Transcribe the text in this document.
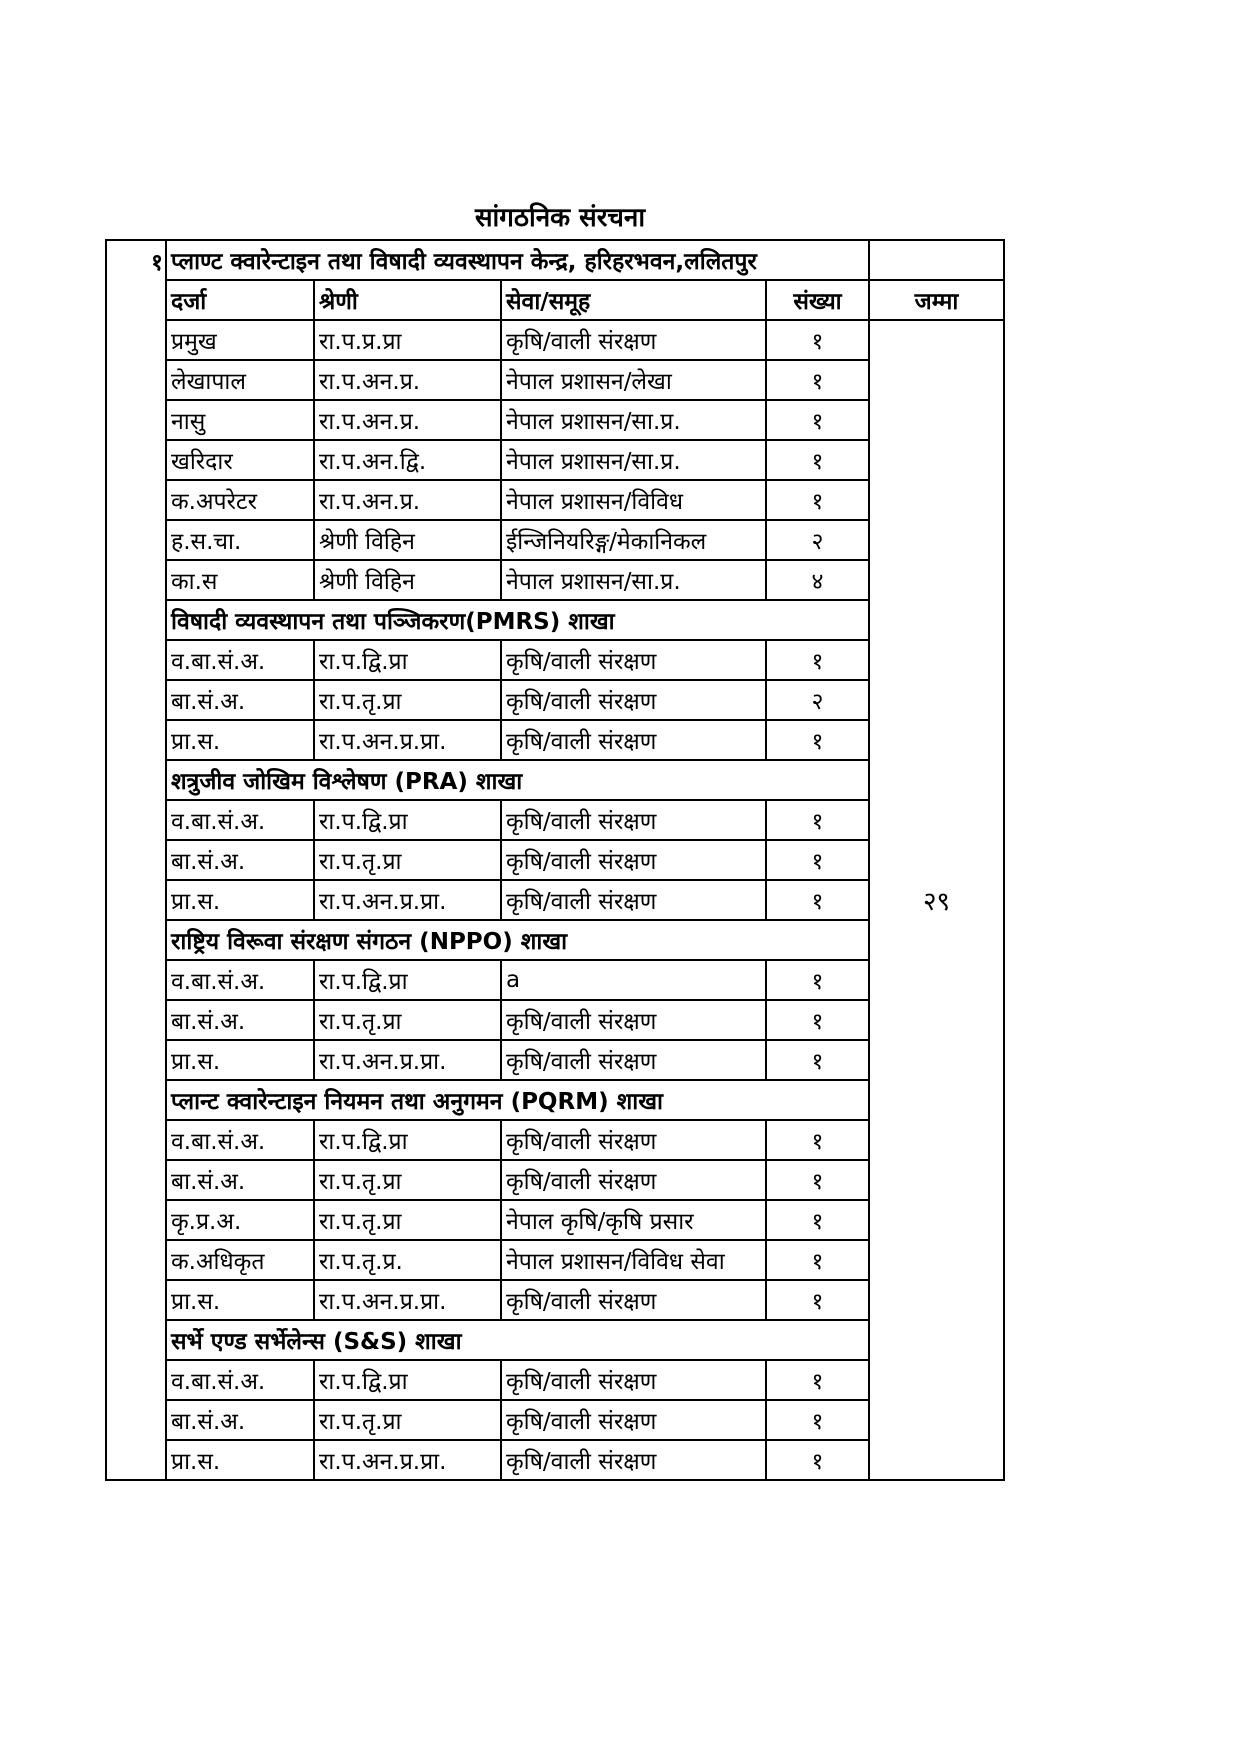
सांगठनिक संरचना
१	प्लाण्ट क्वारेन्टाइन तथा विषादी व्यवस्थापन केन्द्र, हरिहरभवन,ललितपुर				
	दर्जा	श्रेणी	सेवा/समूह	संख्या	जम्मा
	प्रमुख	रा.प.प्र.प्रा	कृषि/वाली संरक्षण	१	२९
	लेखापाल	रा.प.अन.प्र.	नेपाल प्रशासन/लेखा	१	
	नासु	रा.प.अन.प्र.	नेपाल प्रशासन/सा.प्र.	१	
	खरिदार	रा.प.अन.द्वि.	नेपाल प्रशासन/सा.प्र.	१	
	क.अपरेटर	रा.प.अन.प्र.	नेपाल प्रशासन/विविध	१	
	ह.स.चा.	श्रेणी विहिन	ईन्जिनियरिङ्ग/मेकानिकल	२	
	का.स	श्रेणी विहिन	नेपाल प्रशासन/सा.प्र.	४	
	विषादी व्यवस्थापन तथा पञ्जिकरण(PMRS) शाखा				
	व.बा.सं.अ.	रा.प.द्वि.प्रा	कृषि/वाली संरक्षण	१	
	बा.सं.अ.	रा.प.तृ.प्रा	कृषि/वाली संरक्षण	२	
	प्रा.स.	रा.प.अन.प्र.प्रा.	कृषि/वाली संरक्षण	१	
	शत्रुजीव जोखिम विश्लेषण (PRA) शाखा				
	व.बा.सं.अ.	रा.प.द्वि.प्रा	कृषि/वाली संरक्षण	१	
	बा.सं.अ.	रा.प.तृ.प्रा	कृषि/वाली संरक्षण	१	
	प्रा.स.	रा.प.अन.प्र.प्रा.	कृषि/वाली संरक्षण	१	
	राष्ट्रिय विरूवा संरक्षण संगठन (NPPO) शाखा				
	व.बा.सं.अ.	रा.प.द्वि.प्रा	a	१	
	बा.सं.अ.	रा.प.तृ.प्रा	कृषि/वाली संरक्षण	१	
	प्रा.स.	रा.प.अन.प्र.प्रा.	कृषि/वाली संरक्षण	१	
	प्लान्ट क्वारेन्टाइन नियमन तथा अनुगमन (PQRM) शाखा				
	व.बा.सं.अ.	रा.प.द्वि.प्रा	कृषि/वाली संरक्षण	१	
	बा.सं.अ.	रा.प.तृ.प्रा	कृषि/वाली संरक्षण	१	
	कृ.प्र.अ.	रा.प.तृ.प्रा	नेपाल कृषि/कृषि प्रसार	१	
	क.अधिकृत	रा.प.तृ.प्र.	नेपाल प्रशासन/विविध सेवा	१	
	प्रा.स.	रा.प.अन.प्र.प्रा.	कृषि/वाली संरक्षण	१	
	सर्भे एण्ड सर्भेलेन्स (S&S) शाखा				
	व.बा.सं.अ.	रा.प.द्वि.प्रा	कृषि/वाली संरक्षण	१	
	बा.सं.अ.	रा.प.तृ.प्रा	कृषि/वाली संरक्षण	१	
	प्रा.स.	रा.प.अन.प्र.प्रा.	कृषि/वाली संरक्षण	१	
